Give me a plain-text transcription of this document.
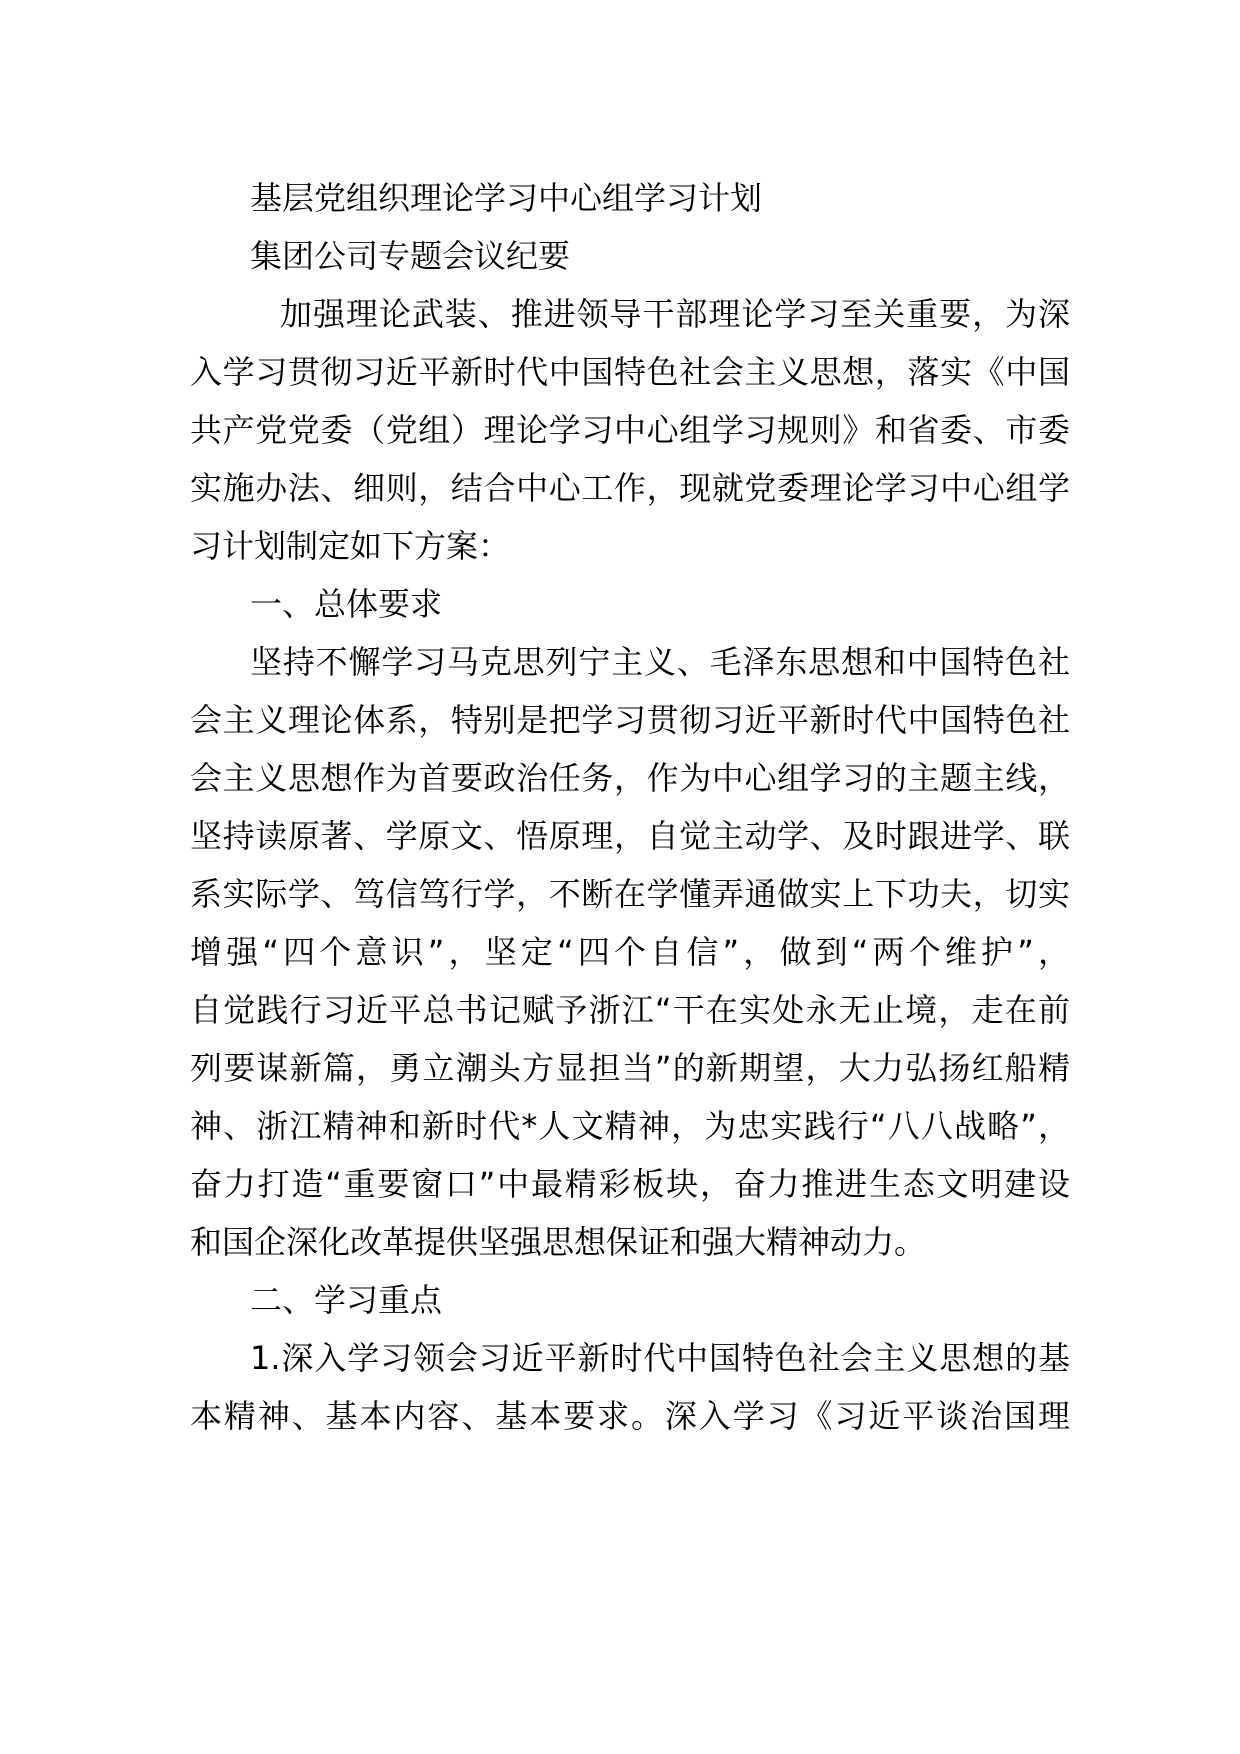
基层党组织理论学习中心组学习计划
集团公司专题会议纪要
加强理论武装、推进领导干部理论学习至关重要，为深
入学习贯彻习近平新时代中国特色社会主义思想，落实《中国
共产党党委（党组）理论学习中心组学习规则》和省委、市委
实施办法、细则，结合中心工作，现就党委理论学习中心组学
习计划制定如下方案：
一、总体要求
坚持不懈学习马克思列宁主义、毛泽东思想和中国特色社
会主义理论体系，特别是把学习贯彻习近平新时代中国特色社
会主义思想作为首要政治任务，作为中心组学习的主题主线，
坚持读原著、学原文、悟原理，自觉主动学、及时跟进学、联
系实际学、笃信笃行学，不断在学懂弄通做实上下功夫，切实
增强“四个意识”，坚定“四个自信”，做到“两个维护”，
自觉践行习近平总书记赋予浙江“干在实处永无止境，走在前
列要谋新篇，勇立潮头方显担当”的新期望，大力弘扬红船精
神、浙江精神和新时代*人文精神，为忠实践行“八八战略”，
奋力打造“重要窗口”中最精彩板块，奋力推进生态文明建设
和国企深化改革提供坚强思想保证和强大精神动力。
二、学习重点
1.深入学习领会习近平新时代中国特色社会主义思想的基
本精神、基本内容、基本要求。深入学习《习近平谈治国理
